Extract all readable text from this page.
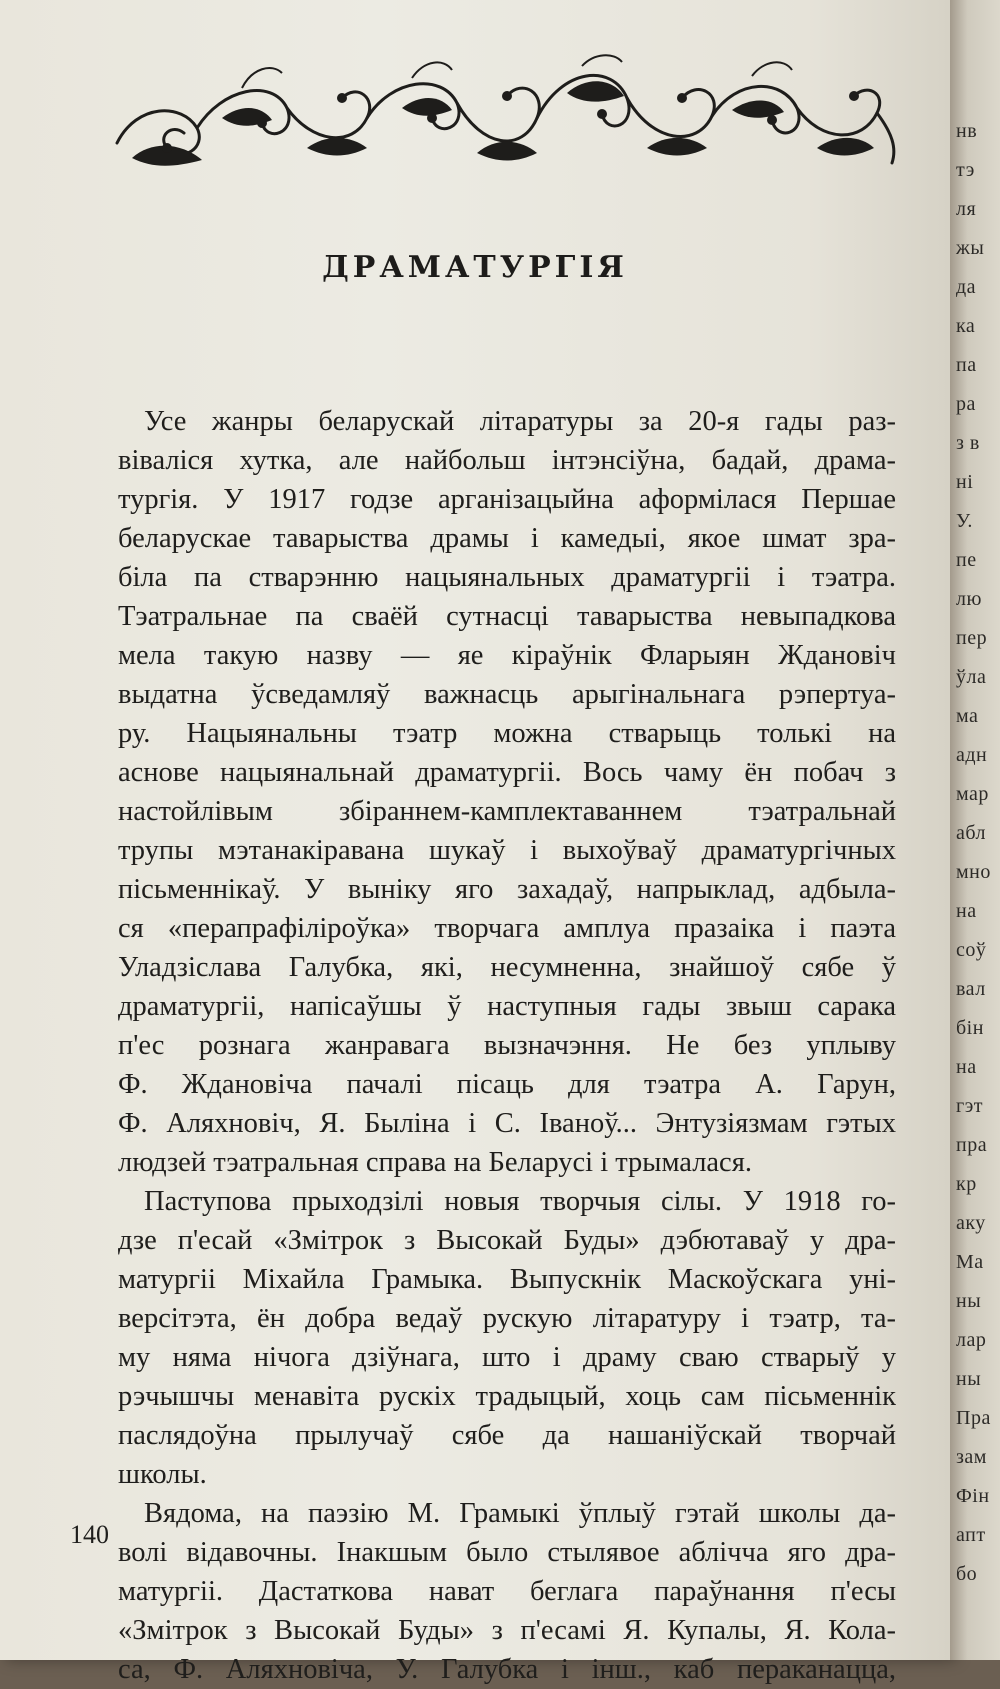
ДРАМАТУРГІЯ
Усе жанры беларускай літаратуры за 20-я гады раз-
віваліся хутка, але найбольш інтэнсіўна, бадай, драма-
тургія. У 1917 годзе арганізацыйна аформілася Першае
беларускае таварыства драмы і камедыі, якое шмат зра-
біла па стварэнню нацыянальных драматургіі і тэатра.
Тэатральнае па сваёй сутнасці таварыства невыпадкова
мела такую назву — яе кіраўнік Фларыян Ждановіч
выдатна ўсведамляў важнасць арыгінальнага рэпертуа-
ру. Нацыянальны тэатр можна стварыць толькі на
аснове нацыянальнай драматургіі. Вось чаму ён побач з
настойлівым збіраннем-камплектаваннем тэатральнай
трупы мэтанакіравана шукаў і выхоўваў драматургічных
пісьменнікаў. У выніку яго захадаў, напрыклад, адбыла-
ся «перапрафіліроўка» творчага амплуа празаіка і паэта
Уладзіслава Галубка, які, несумненна, знайшоў сябе ў
драматургіі, напісаўшы ў наступныя гады звыш сарака
п'ес рознага жанравага вызначэння. Не без уплыву
Ф. Ждановіча пачалі пісаць для тэатра А. Гарун,
Ф. Аляхновіч, Я. Быліна і С. Іваноў... Энтузіязмам гэтых
людзей тэатральная справа на Беларусі і трымалася.
Паступова прыходзілі новыя творчыя сілы. У 1918 го-
дзе п'есай «Змітрок з Высокай Буды» дэбютаваў у дра-
матургіі Міхайла Грамыка. Выпускнік Маскоўскага уні-
версітэта, ён добра ведаў рускую літаратуру і тэатр, та-
му няма нічога дзіўнага, што і драму сваю стварыў у
рэчышчы менавіта рускіх традыцый, хоць сам пісьменнік
паслядоўна прылучаў сябе да нашаніўскай творчай
школы.
Вядома, на паэзію М. Грамыкі ўплыў гэтай школы да-
волі відавочны. Інакшым было стылявое аблічча яго дра-
матургіі. Дастаткова нават беглага параўнання п'есы
«Змітрок з Высокай Буды» з п'есамі Я. Купалы, Я. Кола-
са, Ф. Аляхновіча, У. Галубка і інш., каб пераканацца,
140
нв
тэ
ля
жы
да
ка
па
ра
з в
ні
У.
пе
лю
пер
ўла
ма
адн
мар
абл
мно
на
соў
вал
бін
на
гэт
пра
кр
аку
Ма
ны
лар
ны
Пра
зам
Фін
апт
бо
